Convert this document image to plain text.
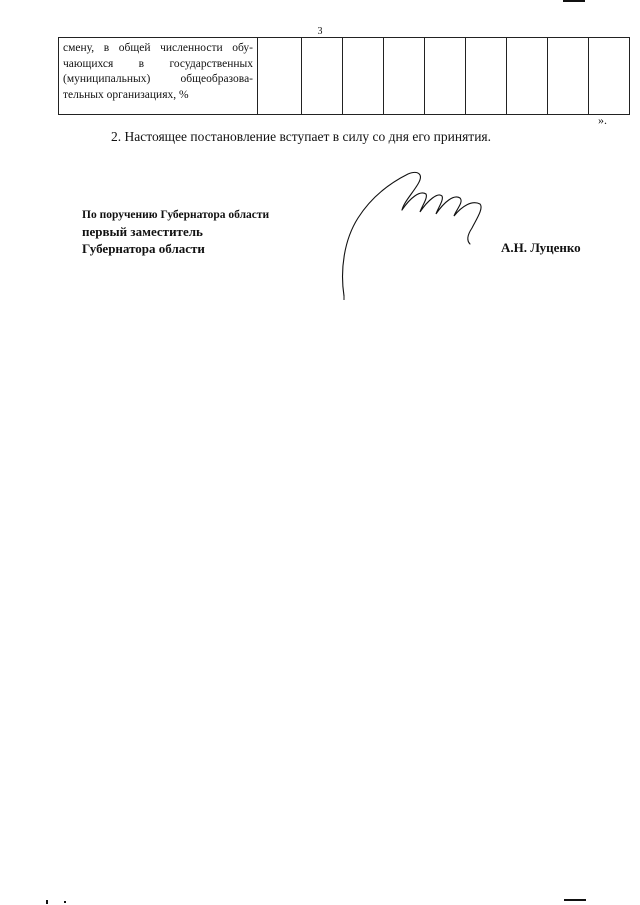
3
смену, в общей численности обу-
чающихся в государственных
(муниципальных) общеобразова-
тельных организациях, %

».
2. Настоящее постановление вступает в силу со дня его принятия.
По поручению Губернатора области
первый заместитель
Губернатора области	А.Н. Луценко
